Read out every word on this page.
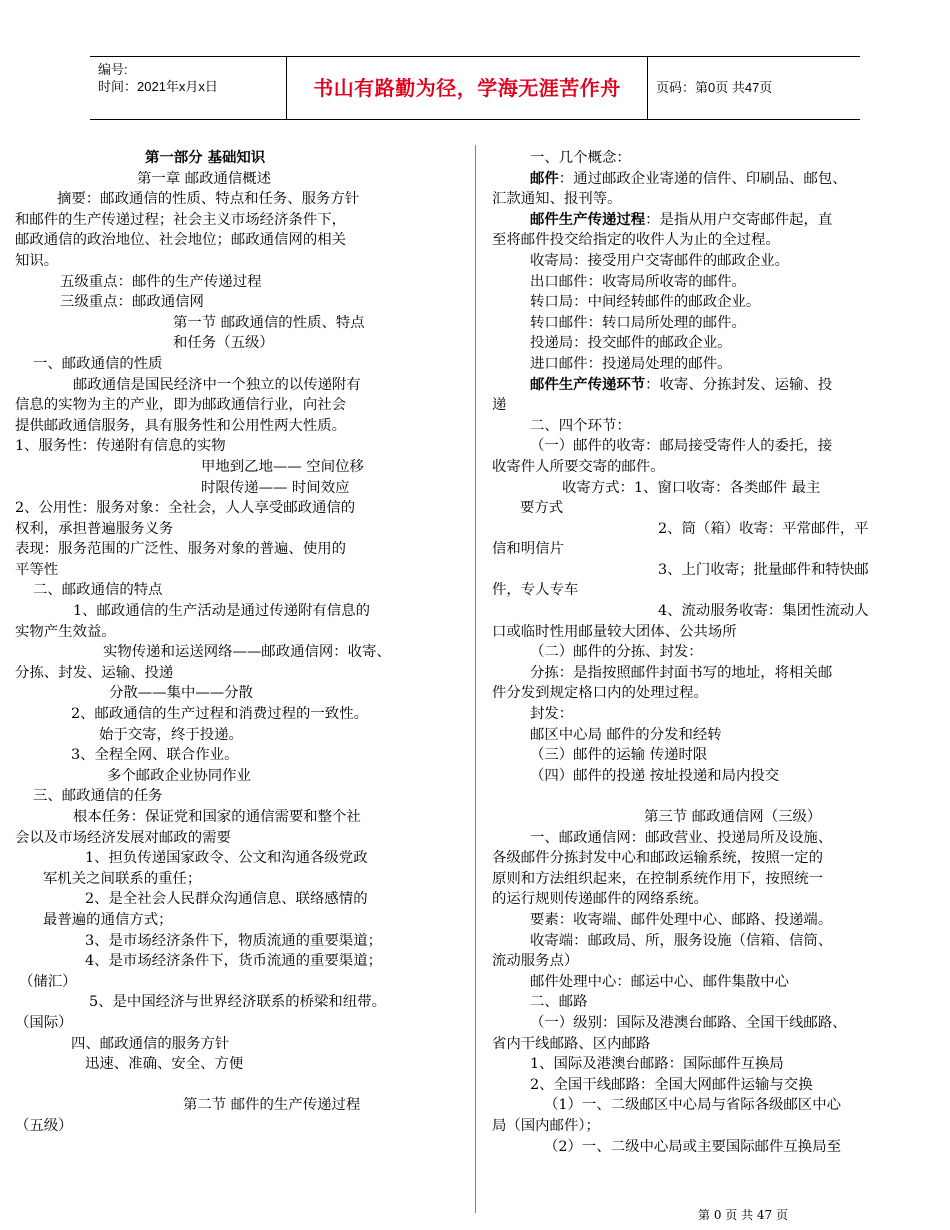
编号:
时间：2021年x月x日	书山有路勤为径，学海无涯苦作舟	页码：第0页 共47页

第一部分 基础知识

第一章 邮政通信概述

摘要：邮政通信的性质、特点和任务、服务方针

和邮件的生产传递过程；社会主义市场经济条件下，

邮政通信的政治地位、社会地位；邮政通信网的相关

知识。

五级重点：邮件的生产传递过程

三级重点：邮政通信网

第一节 邮政通信的性质、特点

和任务（五级）

一、邮政通信的性质

邮政通信是国民经济中一个独立的以传递附有

信息的实物为主的产业，即为邮政通信行业，向社会

提供邮政通信服务，具有服务性和公用性两大性质。

1、服务性：传递附有信息的实物

甲地到乙地—— 空间位移

时限传递—— 时间效应

2、公用性：服务对象：全社会，人人享受邮政通信的

权利，承担普遍服务义务

表现：服务范围的广泛性、服务对象的普遍、使用的

平等性

二、邮政通信的特点

1、邮政通信的生产活动是通过传递附有信息的

实物产生效益。

实物传递和运送网络——邮政通信网：收寄、

分拣、封发、运输、投递

分散——集中——分散

2、邮政通信的生产过程和消费过程的一致性。

始于交寄，终于投递。

3、全程全网、联合作业。

多个邮政企业协同作业

三、邮政通信的任务

根本任务：保证党和国家的通信需要和整个社

会以及市场经济发展对邮政的需要

1、担负传递国家政令、公文和沟通各级党政

军机关之间联系的重任；

2、是全社会人民群众沟通信息、联络感情的

最普遍的通信方式；

3、是市场经济条件下，物质流通的重要渠道；

4、是市场经济条件下，货币流通的重要渠道；

（储汇）

5、是中国经济与世界经济联系的桥梁和纽带。

（国际）

四、邮政通信的服务方针

迅速、准确、安全、方便

第二节 邮件的生产传递过程

（五级）

一、几个概念：

邮件：通过邮政企业寄递的信件、印刷品、邮包、

汇款通知、报刊等。

邮件生产传递过程：是指从用户交寄邮件起，直

至将邮件投交给指定的收件人为止的全过程。

收寄局：接受用户交寄邮件的邮政企业。

出口邮件：收寄局所收寄的邮件。

转口局：中间经转邮件的邮政企业。

转口邮件：转口局所处理的邮件。

投递局：投交邮件的邮政企业。

进口邮件：投递局处理的邮件。

邮件生产传递环节：收寄、分拣封发、运输、投

递

二、四个环节：

（一）邮件的收寄：邮局接受寄件人的委托，接

收寄件人所要交寄的邮件。

收寄方式：1、窗口收寄：各类邮件 最主

要方式

2、筒（箱）收寄：平常邮件，平

信和明信片

3、上门收寄；批量邮件和特快邮

件，专人专车

4、流动服务收寄：集团性流动人

口或临时性用邮量较大团体、公共场所

（二）邮件的分拣、封发：

分拣：是指按照邮件封面书写的地址，将相关邮

件分发到规定格口内的处理过程。

封发：

邮区中心局 邮件的分发和经转

（三）邮件的运输 传递时限

（四）邮件的投递 按址投递和局内投交

第三节 邮政通信网（三级）

一、邮政通信网：邮政营业、投递局所及设施、

各级邮件分拣封发中心和邮政运输系统，按照一定的

原则和方法组织起来，在控制系统作用下，按照统一

的运行规则传递邮件的网络系统。

要素：收寄端、邮件处理中心、邮路、投递端。

收寄端：邮政局、所，服务设施（信箱、信筒、

流动服务点）

邮件处理中心：邮运中心、邮件集散中心

二、邮路

（一）级别：国际及港澳台邮路、全国干线邮路、

省内干线邮路、区内邮路

1、国际及港澳台邮路：国际邮件互换局

2、全国干线邮路：全国大网邮件运输与交换

（1）一、二级邮区中心局与省际各级邮区中心

局（国内邮件）；

（2）一、二级中心局或主要国际邮件互换局至

第 0 页 共 47 页
